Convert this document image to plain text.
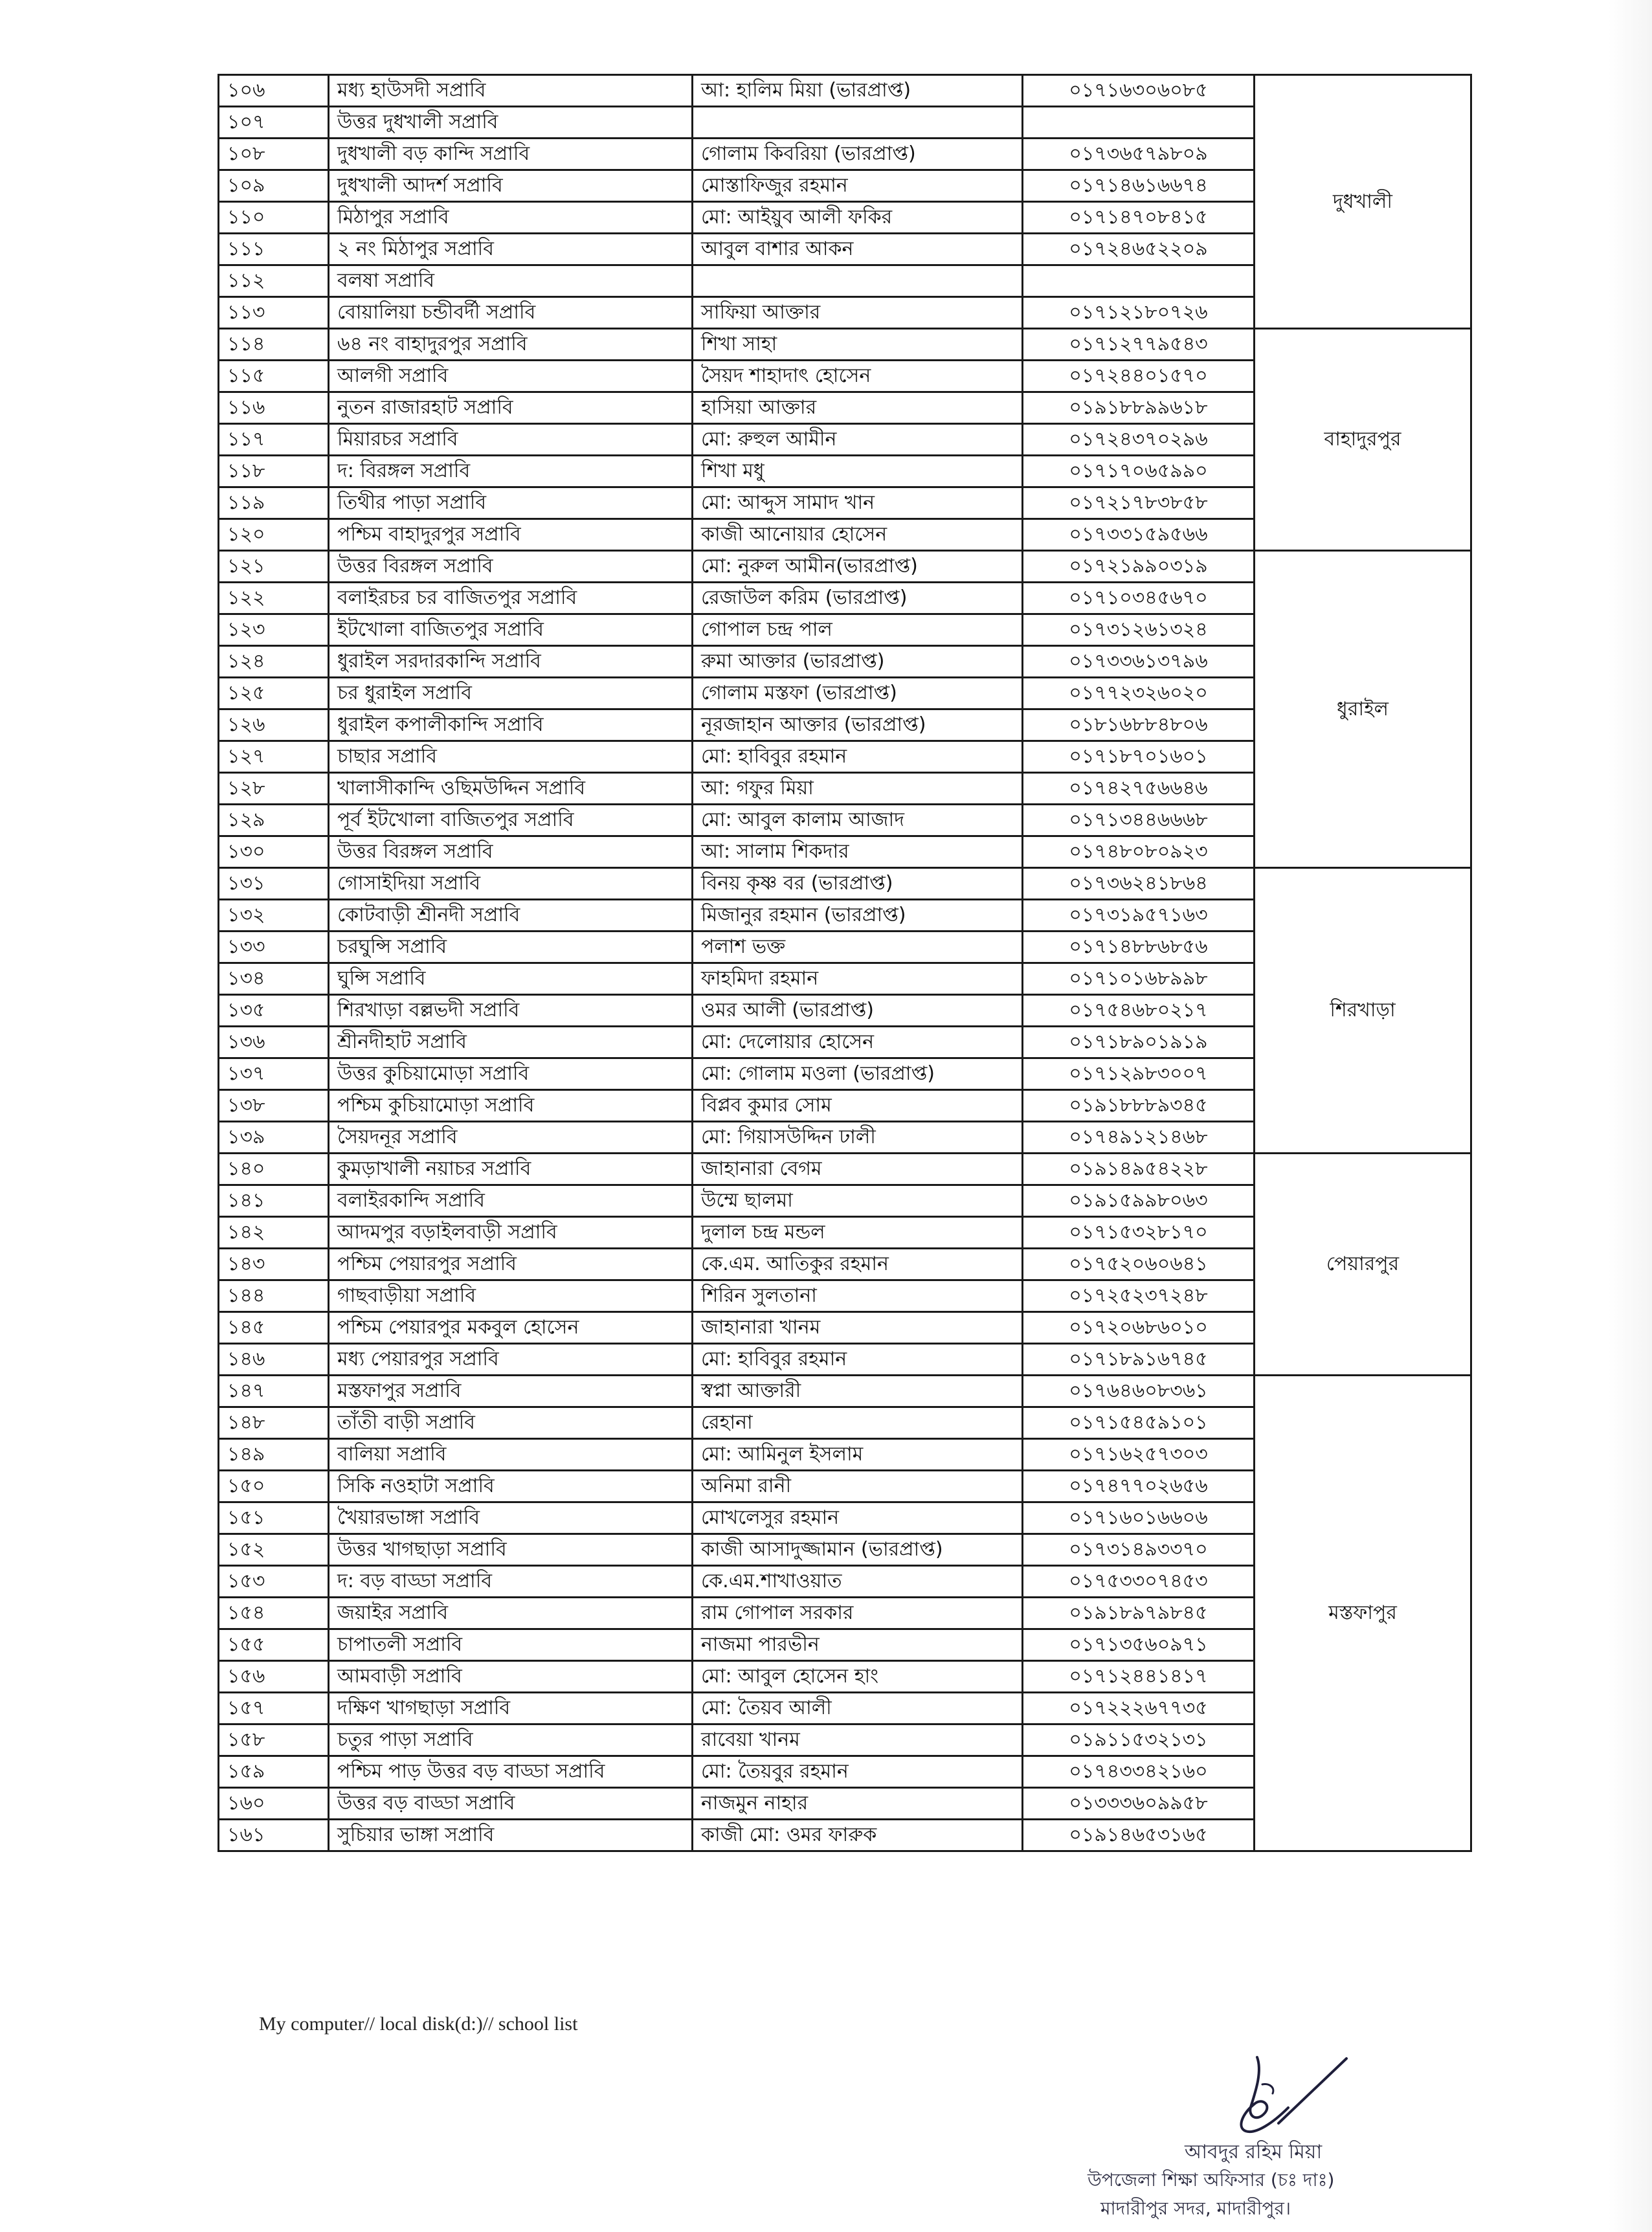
১০৬	মধ্য হাউসদী সপ্রাবি	আ: হালিম মিয়া (ভারপ্রাপ্ত)	০১৭১৬৩০৬০৮৫	দুধখালী
১০৭	উত্তর দুধখালী সপ্রাবি			
১০৮	দুধখালী বড় কান্দি সপ্রাবি	গোলাম কিবরিয়া (ভারপ্রাপ্ত)	০১৭৩৬৫৭৯৮০৯	
১০৯	দুধখালী আদর্শ সপ্রাবি	মোস্তাফিজুর রহমান	০১৭১৪৬১৬৬৭৪	
১১০	মিঠাপুর সপ্রাবি	মো: আইয়ুব আলী ফকির	০১৭১৪৭০৮৪১৫	
১১১	২ নং মিঠাপুর সপ্রাবি	আবুল বাশার আকন	০১৭২৪৬৫২২০৯	
১১২	বলষা সপ্রাবি			
১১৩	বোয়ালিয়া চন্ডীবর্দী সপ্রাবি	সাফিয়া আক্তার	০১৭১২১৮০৭২৬	
১১৪	৬৪ নং বাহাদুরপুর সপ্রাবি	শিখা সাহা	০১৭১২৭৭৯৫৪৩	বাহাদুরপুর
১১৫	আলগী সপ্রাবি	সৈয়দ শাহাদাৎ হোসেন	০১৭২৪৪০১৫৭০	
১১৬	নুতন রাজারহাট সপ্রাবি	হাসিয়া আক্তার	০১৯১৮৮৯৯৬১৮	
১১৭	মিয়ারচর সপ্রাবি	মো: রুহুল আমীন	০১৭২৪৩৭০২৯৬	
১১৮	দ: বিরঙ্গল সপ্রাবি	শিখা মধু	০১৭১৭০৬৫৯৯০	
১১৯	তিথীর পাড়া সপ্রাবি	মো: আব্দুস সামাদ খান	০১৭২১৭৮৩৮৫৮	
১২০	পশ্চিম বাহাদুরপুর সপ্রাবি	কাজী আনোয়ার হোসেন	০১৭৩৩১৫৯৫৬৬	
১২১	উত্তর বিরঙ্গল সপ্রাবি	মো: নুরুল আমীন(ভারপ্রাপ্ত)	০১৭২১৯৯০৩১৯	ধুরাইল
১২২	বলাইরচর চর বাজিতপুর সপ্রাবি	রেজাউল করিম (ভারপ্রাপ্ত)	০১৭১০৩৪৫৬৭০	
১২৩	ইটখোলা বাজিতপুর সপ্রাবি	গোপাল চন্দ্র পাল	০১৭৩১২৬১৩২৪	
১২৪	ধুরাইল সরদারকান্দি সপ্রাবি	রুমা আক্তার (ভারপ্রাপ্ত)	০১৭৩৩৬১৩৭৯৬	
১২৫	চর ধুরাইল সপ্রাবি	গোলাম মস্তফা (ভারপ্রাপ্ত)	০১৭৭২৩২৬০২০	
১২৬	ধুরাইল কপালীকান্দি সপ্রাবি	নূরজাহান আক্তার (ভারপ্রাপ্ত)	০১৮১৬৮৮৪৮০৬	
১২৭	চাছার সপ্রাবি	মো: হাবিবুর রহমান	০১৭১৮৭০১৬০১	
১২৮	খালাসীকান্দি ওছিমউদ্দিন সপ্রাবি	আ: গফুর মিয়া	০১৭৪২৭৫৬৬৪৬	
১২৯	পূর্ব ইটখোলা বাজিতপুর সপ্রাবি	মো: আবুল কালাম আজাদ	০১৭১৩৪৪৬৬৬৮	
১৩০	উত্তর বিরঙ্গল সপ্রাবি	আ: সালাম শিকদার	০১৭৪৮০৮০৯২৩	
১৩১	গোসাইদিয়া সপ্রাবি	বিনয় কৃষ্ণ বর (ভারপ্রাপ্ত)	০১৭৩৬২৪১৮৬৪	শিরখাড়া
১৩২	কোটবাড়ী শ্রীনদী সপ্রাবি	মিজানুর রহমান (ভারপ্রাপ্ত)	০১৭৩১৯৫৭১৬৩	
১৩৩	চরঘুন্সি সপ্রাবি	পলাশ ভক্ত	০১৭১৪৮৮৬৮৫৬	
১৩৪	ঘুন্সি সপ্রাবি	ফাহমিদা রহমান	০১৭১০১৬৮৯৯৮	
১৩৫	শিরখাড়া বল্লভদী সপ্রাবি	ওমর আলী (ভারপ্রাপ্ত)	০১৭৫৪৬৮০২১৭	
১৩৬	শ্রীনদীহাট সপ্রাবি	মো: দেলোয়ার হোসেন	০১৭১৮৯০১৯১৯	
১৩৭	উত্তর কুচিয়ামোড়া সপ্রাবি	মো: গোলাম মওলা (ভারপ্রাপ্ত)	০১৭১২৯৮৩০০৭	
১৩৮	পশ্চিম কুচিয়ামোড়া সপ্রাবি	বিপ্লব কুমার সোম	০১৯১৮৮৮৯৩৪৫	
১৩৯	সৈয়দনূর সপ্রাবি	মো: গিয়াসউদ্দিন ঢালী	০১৭৪৯১২১৪৬৮	
১৪০	কুমড়াখালী নয়াচর সপ্রাবি	জাহানারা বেগম	০১৯১৪৯৫৪২২৮	পেয়ারপুর
১৪১	বলাইরকান্দি সপ্রাবি	উম্মে ছালমা	০১৯১৫৯৯৮০৬৩	
১৪২	আদমপুর বড়াইলবাড়ী সপ্রাবি	দুলাল চন্দ্র মন্ডল	০১৭১৫৩২৮১৭০	
১৪৩	পশ্চিম পেয়ারপুর সপ্রাবি	কে.এম. আতিকুর রহমান	০১৭৫২০৬০৬৪১	
১৪৪	গাছবাড়ীয়া সপ্রাবি	শিরিন সুলতানা	০১৭২৫২৩৭২৪৮	
১৪৫	পশ্চিম পেয়ারপুর মকবুল হোসেন	জাহানারা খানম	০১৭২০৬৮৬০১০	
১৪৬	মধ্য পেয়ারপুর সপ্রাবি	মো: হাবিবুর রহমান	০১৭১৮৯১৬৭৪৫	
১৪৭	মস্তফাপুর সপ্রাবি	স্বপ্না আক্তারী	০১৭৬৪৬০৮৩৬১	মস্তফাপুর
১৪৮	তাঁতী বাড়ী সপ্রাবি	রেহানা	০১৭১৫৪৫৯১০১	
১৪৯	বালিয়া সপ্রাবি	মো: আমিনুল ইসলাম	০১৭১৬২৫৭৩০৩	
১৫০	সিকি নওহাটা সপ্রাবি	অনিমা রানী	০১৭৪৭৭০২৬৫৬	
১৫১	খৈয়ারভাঙ্গা সপ্রাবি	মোখলেসুর রহমান	০১৭১৬০১৬৬০৬	
১৫২	উত্তর খাগছাড়া সপ্রাবি	কাজী আসাদুজ্জামান (ভারপ্রাপ্ত)	০১৭৩১৪৯৩৩৭০	
১৫৩	দ: বড় বাড্ডা সপ্রাবি	কে.এম.শাখাওয়াত	০১৭৫৩৩০৭৪৫৩	
১৫৪	জয়াইর সপ্রাবি	রাম গোপাল সরকার	০১৯১৮৯৭৯৮৪৫	
১৫৫	চাপাতলী সপ্রাবি	নাজমা পারভীন	০১৭১৩৫৬০৯৭১	
১৫৬	আমবাড়ী সপ্রাবি	মো: আবুল হোসেন হাং	০১৭১২৪৪১৪১৭	
১৫৭	দক্ষিণ খাগছাড়া সপ্রাবি	মো: তৈয়ব আলী	০১৭২২২৬৭৭৩৫	
১৫৮	চতুর পাড়া সপ্রাবি	রাবেয়া খানম	০১৯১১৫৩২১৩১	
১৫৯	পশ্চিম পাড় উত্তর বড় বাড্ডা সপ্রাবি	মো: তৈয়বুর রহমান	০১৭৪৩৩৪২১৬০	
১৬০	উত্তর বড় বাড্ডা সপ্রাবি	নাজমুন নাহার	০১৩৩৩৬০৯৯৫৮	
১৬১	সুচিয়ার ভাঙ্গা সপ্রাবি	কাজী মো: ওমর ফারুক	০১৯১৪৬৫৩১৬৫	
My computer// local disk(d:)// school list
আবদুর রহিম মিয়া
উপজেলা শিক্ষা অফিসার (চঃ দাঃ)
মাদারীপুর সদর, মাদারীপুর।
